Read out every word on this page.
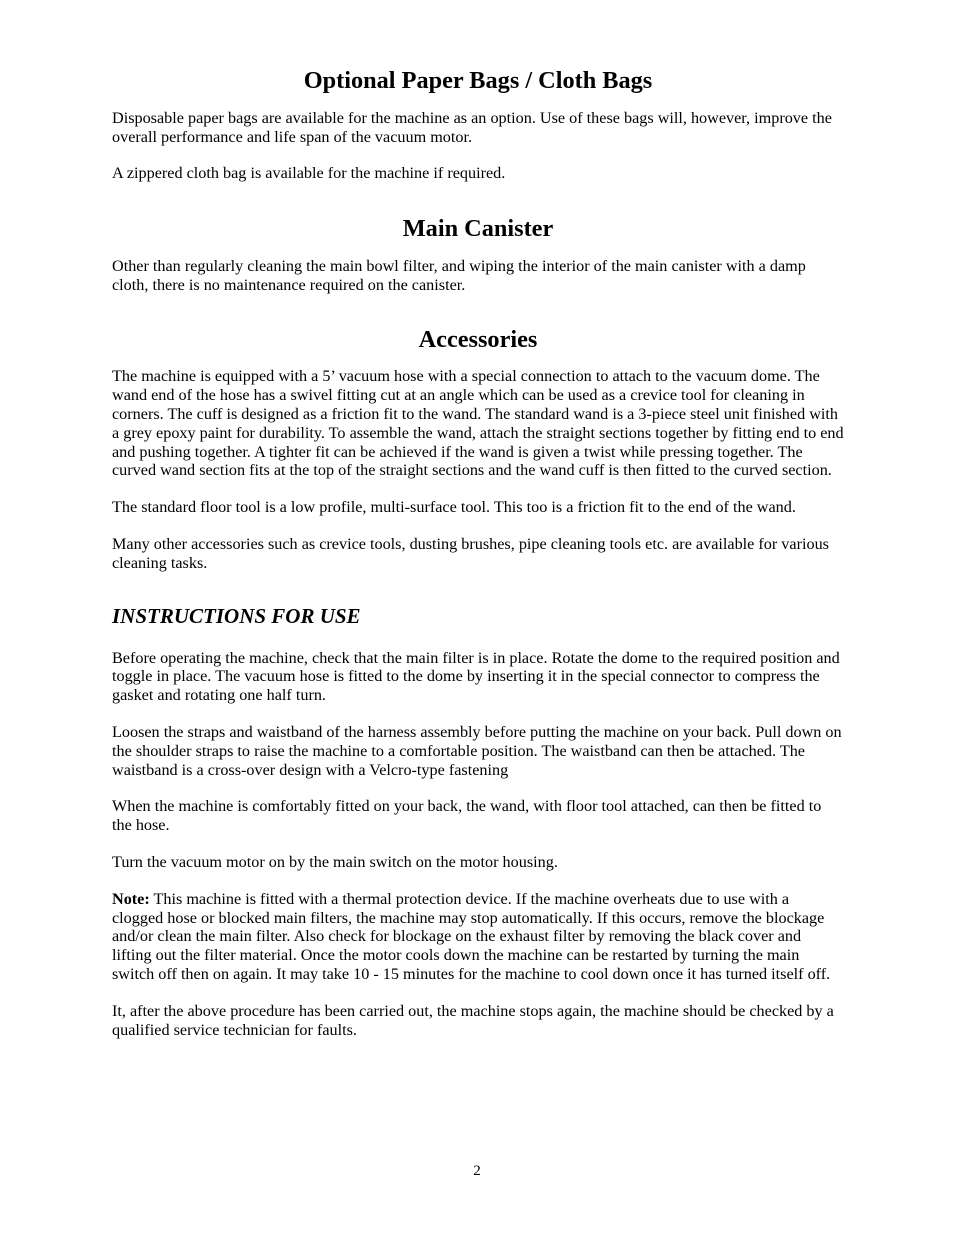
Optional Paper Bags / Cloth Bags

Disposable paper bags are available for the machine as an option. Use of these bags will, however, improve the overall performance and life span of the vacuum motor.

A zippered cloth bag is available for the machine if required.

Main Canister

Other than regularly cleaning the main bowl filter, and wiping the interior of the main canister with a damp cloth, there is no maintenance required on the canister.

Accessories

The machine is equipped with a 5’ vacuum hose with a special connection to attach to the vacuum dome. The wand end of the hose has a swivel fitting cut at an angle which can be used as a crevice tool for cleaning in corners. The cuff is designed as a friction fit to the wand. The standard wand is a 3-piece steel unit finished with a grey epoxy paint for durability. To assemble the wand, attach the straight sections together by fitting end to end and pushing together. A tighter fit can be achieved if the wand is given a twist while pressing together. The curved wand section fits at the top of the straight sections and the wand cuff is then fitted to the curved section.

The standard floor tool is a low profile, multi-surface tool. This too is a friction fit to the end of the wand.

Many other accessories such as crevice tools, dusting brushes, pipe cleaning tools etc. are available for various cleaning tasks.

INSTRUCTIONS FOR USE

Before operating the machine, check that the main filter is in place. Rotate the dome to the required position and toggle in place. The vacuum hose is fitted to the dome by inserting it in the special connector to compress the gasket and rotating one half turn.

Loosen the straps and waistband of the harness assembly before putting the machine on your back. Pull down on the shoulder straps to raise the machine to a comfortable position. The waistband can then be attached. The waistband is a cross-over design with a Velcro-type fastening

When the machine is comfortably fitted on your back, the wand, with floor tool attached, can then be fitted to the hose.

Turn the vacuum motor on by the main switch on the motor housing.

Note: This machine is fitted with a thermal protection device. If the machine overheats due to use with a clogged hose or blocked main filters, the machine may stop automatically. If this occurs, remove the blockage and/or clean the main filter. Also check for blockage on the exhaust filter by removing the black cover and lifting out the filter material. Once the motor cools down the machine can be restarted by turning the main switch off then on again. It may take 10 - 15 minutes for the machine to cool down once it has turned itself off.

It, after the above procedure has been carried out, the machine stops again, the machine should be checked by a qualified service technician for faults.

2
